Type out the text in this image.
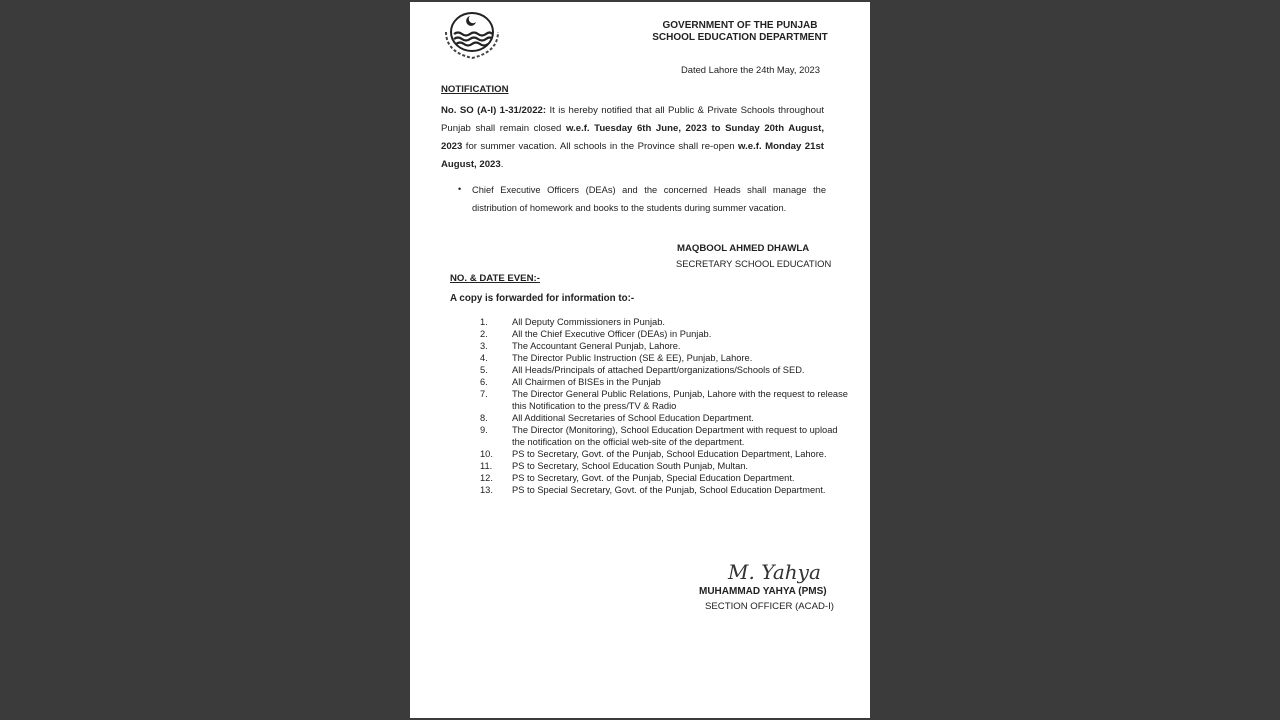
GOVERNMENT OF THE PUNJAB
SCHOOL EDUCATION DEPARTMENT
Dated Lahore the 24th May, 2023
NOTIFICATION
No. SO (A-I) 1-31/2022: It is hereby notified that all Public & Private Schools throughout Punjab shall remain closed w.e.f. Tuesday 6th June, 2023 to Sunday 20th August, 2023 for summer vacation. All schools in the Province shall re-open w.e.f. Monday 21st August, 2023.
• Chief Executive Officers (DEAs) and the concerned Heads shall manage the distribution of homework and books to the students during summer vacation.
MAQBOOL AHMED DHAWLA
SECRETARY SCHOOL EDUCATION
NO. & DATE EVEN:-
A copy is forwarded for information to:-
1.	All Deputy Commissioners in Punjab.
2.	All the Chief Executive Officer (DEAs) in Punjab.
3.	The Accountant General Punjab, Lahore.
4.	The Director Public Instruction (SE & EE), Punjab, Lahore.
5.	All Heads/Principals of attached Departt/organizations/Schools of SED.
6.	All Chairmen of BISEs in the Punjab
7.	The Director General Public Relations, Punjab, Lahore with the request to release this Notification to the press/TV & Radio
8.	All Additional Secretaries of School Education Department.
9.	The Director (Monitoring), School Education Department with request to upload the notification on the official web-site of the department.
10.	PS to Secretary, Govt. of the Punjab, School Education Department, Lahore.
11.	PS to Secretary, School Education South Punjab, Multan.
12.	PS to Secretary, Govt. of the Punjab, Special Education Department.
13.	PS to Special Secretary, Govt. of the Punjab, School Education Department.
M. Yahya
MUHAMMAD YAHYA (PMS)
SECTION OFFICER (ACAD-I)
